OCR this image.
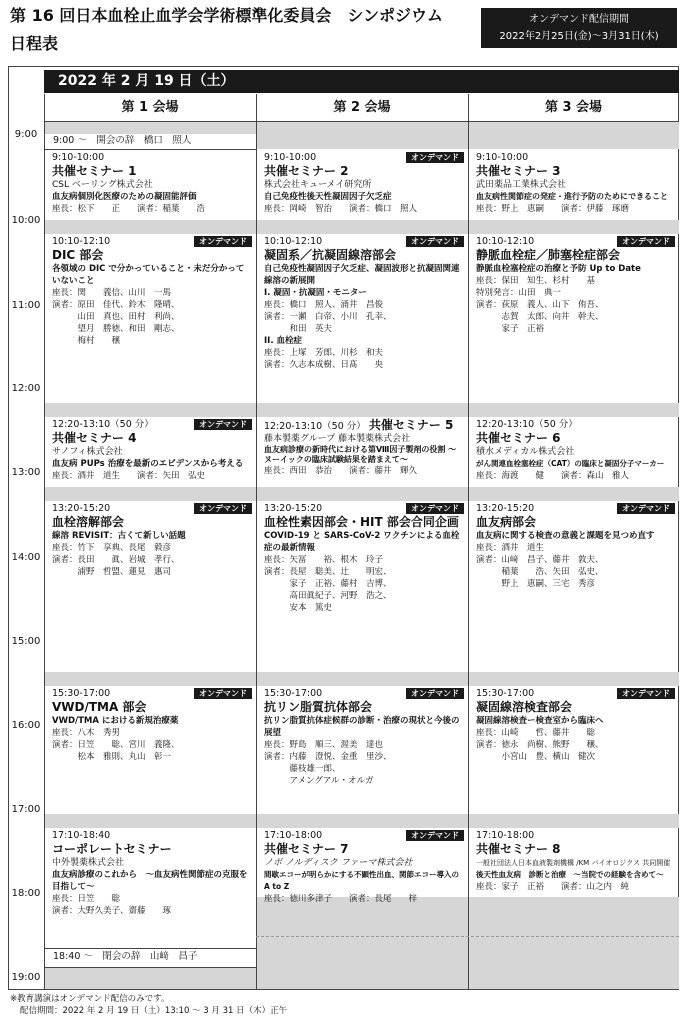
第 16 回日本血栓止血学会学術標準化委員会　シンポジウム
日程表
オンデマンド配信期間
2022年2月25日(金)〜3月31日(木)
2022 年 2 月 19 日（土）
第 1 会場	第 2 会場	第 3 会場
9:00 〜　開会の辞　橋口　照人
9:00
10:00
11:00
12:00
13:00
14:00
15:00
16:00
17:00
18:00
19:00
9:10-10:00
共催セミナー 1
CSL ベーリング株式会社
血友病個別化医療のための凝固能評価
座長：松下　　正　　演者：稲葉　　浩
オンデマンド
9:10-10:00
共催セミナー 2
株式会社キューメイ研究所
自己免疫性後天性凝固因子欠乏症
座長：岡崎　智治　　演者：橋口　照人
9:10-10:00
共催セミナー 3
武田薬品工業株式会社
血友病性関節症の発症・進行予防のためにできること
座長：野上　恵嗣　　演者：伊藤　琢磨
オンデマンド
10:10-12:10
DIC 部会
各領域の DIC で分かっていること・未だ分かっていないこと
座長：関　　義信、山川　一馬
演者：原田　佳代、鈴木　隆晴、
　　　山田　真也、田村　利尚、
　　　望月　勝徳、和田　剛志、
　　　梅村　　穣
オンデマンド
10:10-12:10
凝固系／抗凝固線溶部会
自己免疫性凝固因子欠乏症、凝固波形と抗凝固関連線溶の新展開
I. 凝固・抗凝固・モニター
座長：橋口　照人、涌井　昌俊
演者：一瀬　白帝、小川　孔幸、
　　　和田　英夫
II. 血栓症
座長：上塚　芳郎、川杉　和夫
演者：久志本成樹、日髙　　央
オンデマンド
10:10-12:10
静脈血栓症／肺塞栓症部会
静脈血栓塞栓症の治療と予防 Up to Date
座長：保田　知生、杉村　　基
特別発言：山田　典一
演者：荻原　義人、山下　侑吾、
　　　志賀　太郎、向井　幹夫、
　　　家子　正裕
オンデマンド
12:20-13:10（50 分）
共催セミナー 4
サノフィ株式会社
血友病 PUPs 治療を最新のエビデンスから考える
座長：酒井　道生　　演者：矢田　弘史
12:20-13:10（50 分） 共催セミナー 5
藤本製薬グループ 藤本製薬株式会社
血友病診療の新時代における第Ⅷ因子製剤の役割 〜ヌーイックの臨床試験結果を踏まえて〜
座長：西田　恭治　　演者：藤井　輝久
12:20-13:10（50 分）
共催セミナー 6
積水メディカル株式会社
がん関連血栓塞栓症（CAT）の臨床と凝固分子マーカー
座長：海渡　　健　　演者：森山　雅人
オンデマンド
13:20-15:20
血栓溶解部会
線溶 REVISIT：古くて新しい話題
座長：竹下　享典、長尾　毅彦
演者：長田　　眞、岩城　孝行、
　　　浦野　哲盟、蓮見　惠司
オンデマンド
13:20-15:20
血栓性素因部会・HIT 部会合同企画
COVID-19 と SARS-CoV-2 ワクチンによる血栓症の最新情報
座長：矢冨　　裕、根木　玲子
演者：長屋　聡美、辻　　明宏、
　　　家子　正裕、藤村　吉博、
　　　高田眞紀子、河野　浩之、
　　　安本　篤史
オンデマンド
13:20-15:20
血友病部会
血友病に関する検査の意義と課題を見つめ直す
座長：酒井　道生
演者：山﨑　昌子、藤井　敦夫、
　　　稲葉　　浩、矢田　弘史、
　　　野上　恵嗣、三宅　秀彦
オンデマンド
15:30-17:00
VWD/TMA 部会
VWD/TMA における新規治療薬
座長：八木　秀男
演者：日笠　　聡、宮川　義隆、
　　　松本　雅則、丸山　彰一
オンデマンド
15:30-17:00
抗リン脂質抗体部会
抗リン脂質抗体症候群の診断・治療の現状と今後の展望
座長：野島　順三、渥美　達也
演者：内藤　澄悦、金重　里沙、
　　　藤枝雄一郎、
　　　アメングアル・オルガ
オンデマンド
15:30-17:00
凝固線溶検査部会
凝固線溶検査ー検査室から臨床へ
座長：山崎　　哲、藤井　　聡
演者：徳永　尚樹、熊野　　穣、
　　　小宮山　豊、横山　健次
17:10-18:40
コーポレートセミナー
中外製薬株式会社
血友病診療のこれから　〜血友病性関節症の克服を目指して〜
座長：日笠　　聡
演者：大野久美子、齋藤　　琢
18:40 〜　閉会の辞　山﨑　昌子
オンデマンド
17:10-18:00
共催セミナー 7
ノボ ノルディスク ファーマ株式会社
間歇エコーが明らかにする不顕性出血、関節エコー導入の A to Z
座長：徳川多津子　　演者：長尾　　梓
17:10-18:00
共催セミナー 8
一般社団法人日本血液製剤機構 /KM バイオロジクス 共同開催
後天性血友病　診断と治療　〜当院での経験を含めて〜
座長：家子　正裕　　演者：山之内　純
※教育講演はオンデマンド配信のみです。
配信期間：2022 年 2 月 19 日（土）13:10 〜 3 月 31 日（木）正午
